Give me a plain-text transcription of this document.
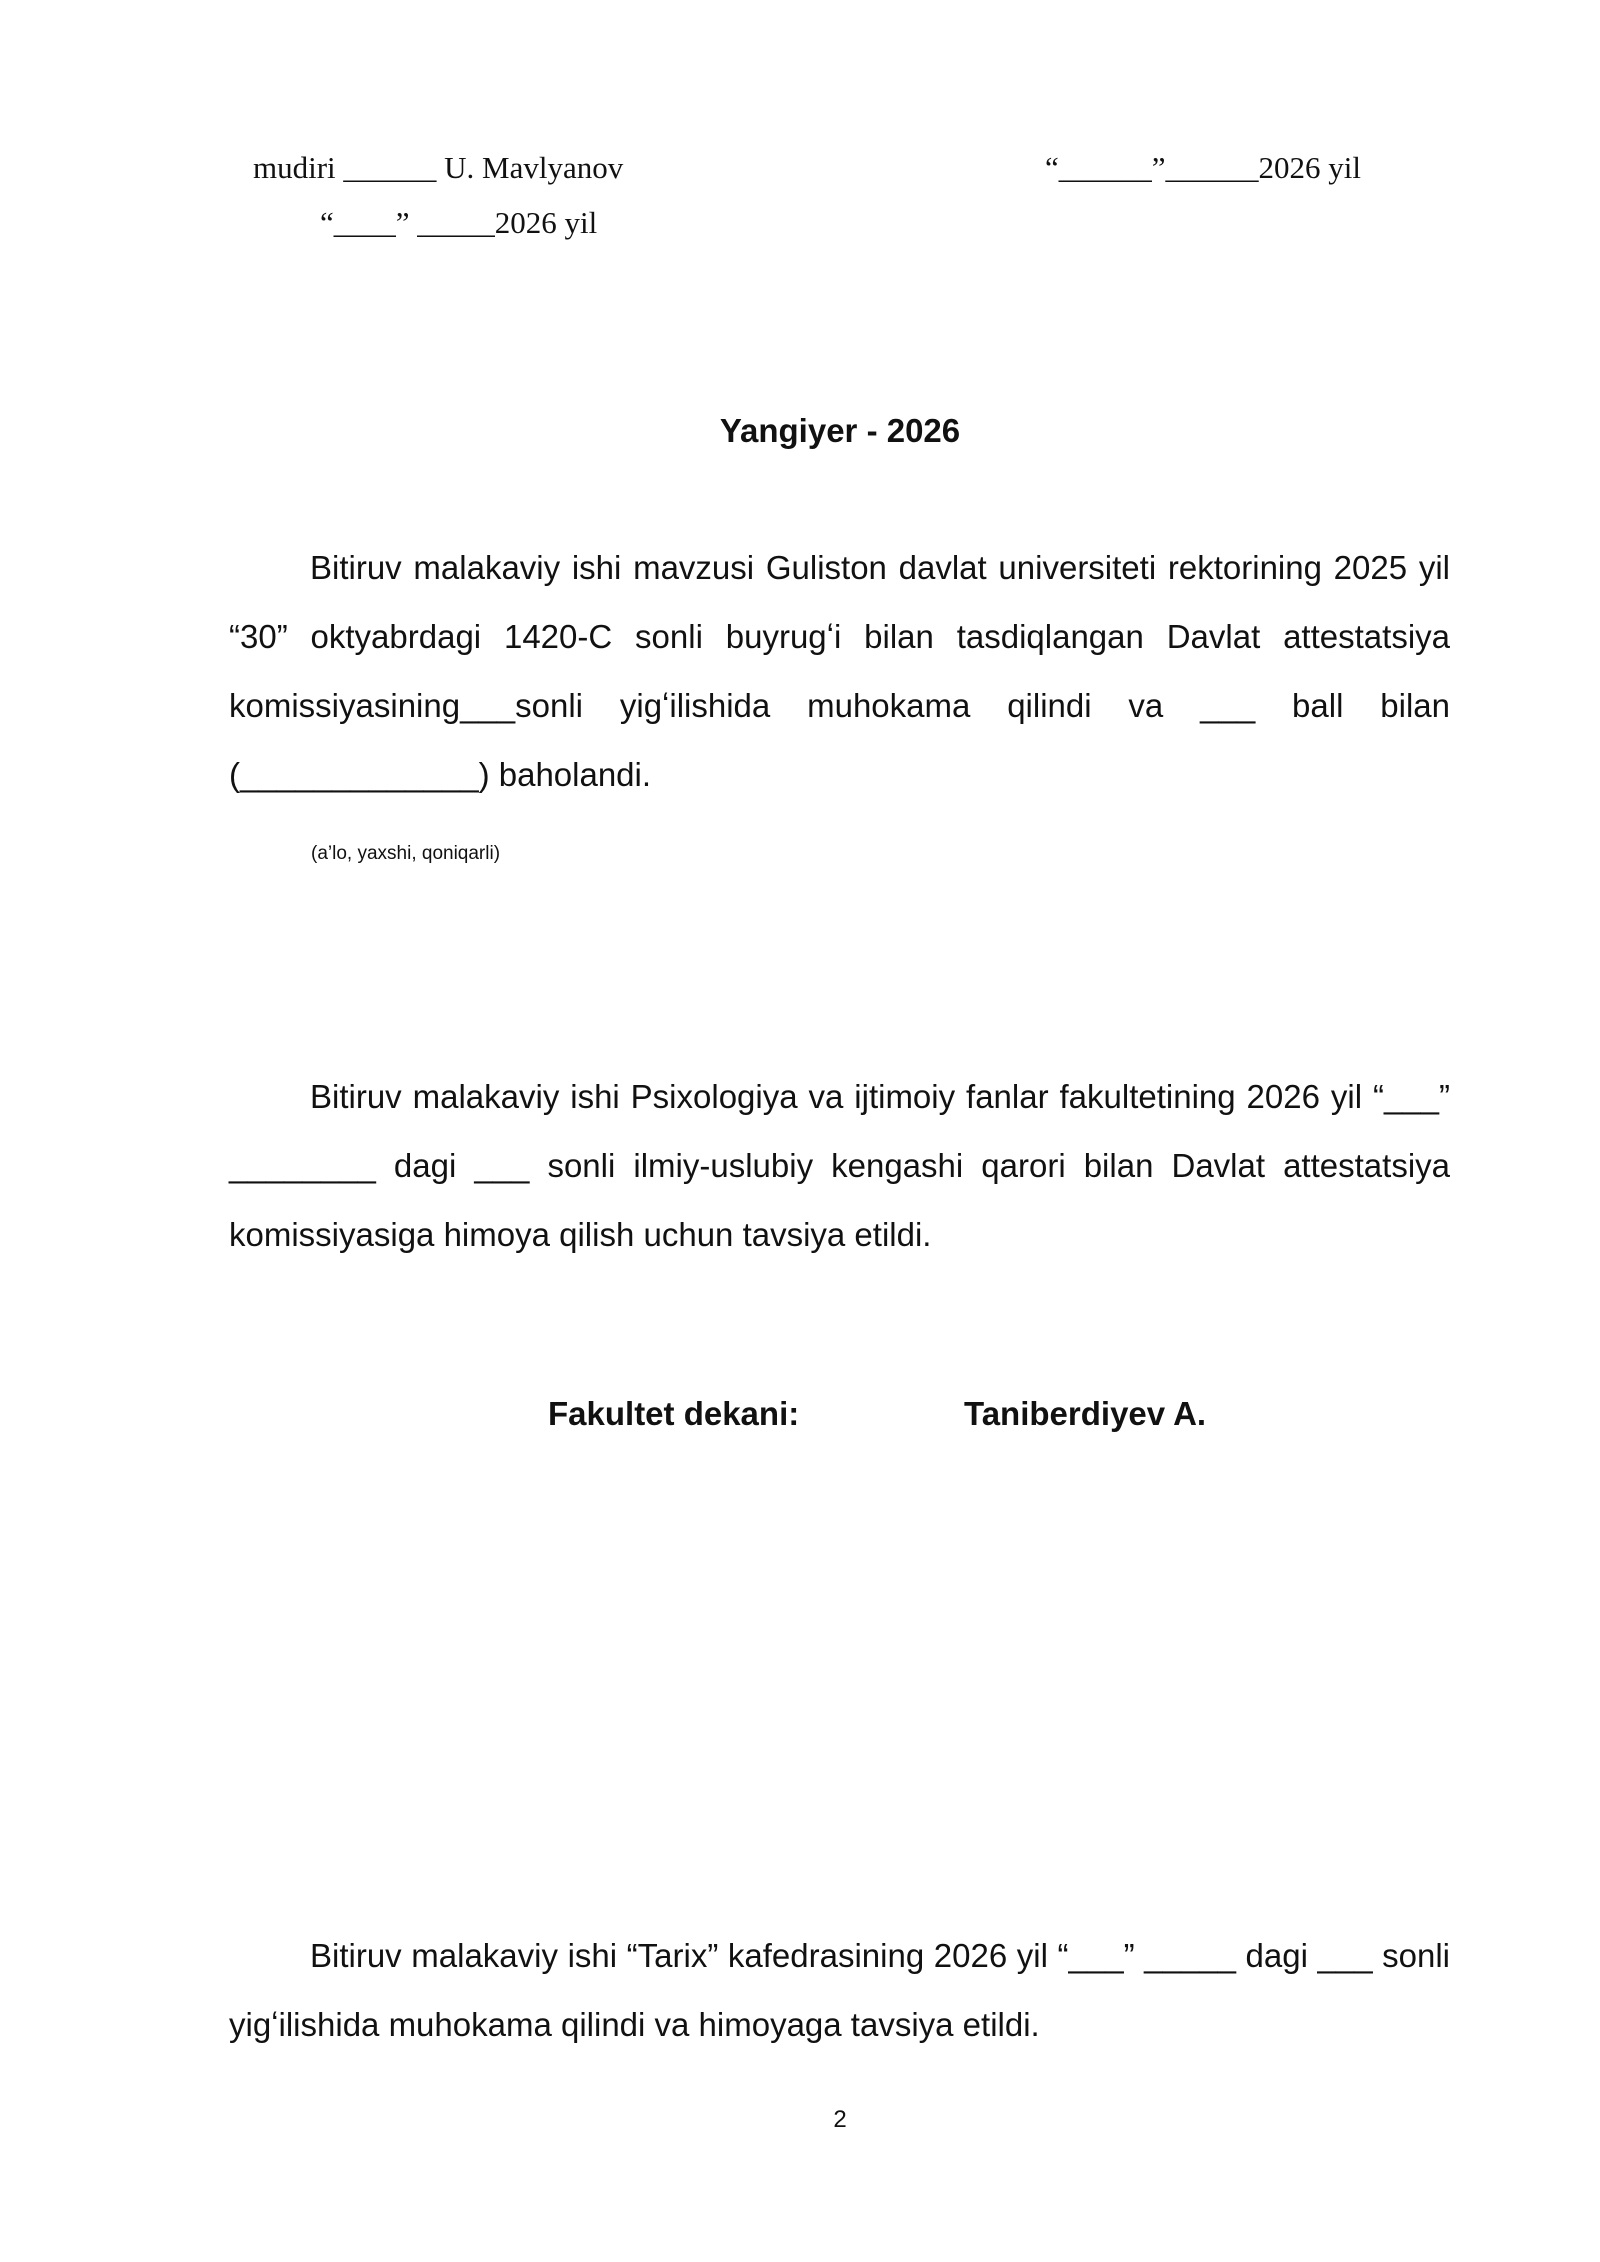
mudiri ______ U. Mavlyanov
“____” _____2026 yil
“______”______2026 yil
Yangiyer - 2026

Bitiruv malakaviy ishi mavzusi Guliston davlat universiteti rektorining 2025 yil “30” oktyabrdagi 1420-C sonli buyrugʻi bilan tasdiqlangan Davlat attestatsiya komissiyasining___sonli yigʻilishida muhokama qilindi va ___ ball bilan (_____________) baholandi.

(a’lo, yaxshi, qoniqarli)

Bitiruv malakaviy ishi Psixologiya va ijtimoiy fanlar fakultetining 2026 yil “___” ________ dagi ___ sonli ilmiy-uslubiy kengashi qarori bilan Davlat attestatsiya komissiyasiga himoya qilish uchun tavsiya etildi.

Fakultet dekani:	Taniberdiyev A.

Bitiruv malakaviy ishi “Tarix” kafedrasining 2026 yil “___” _____ dagi ___ sonli yigʻilishida muhokama qilindi va himoyaga tavsiya etildi.

2
